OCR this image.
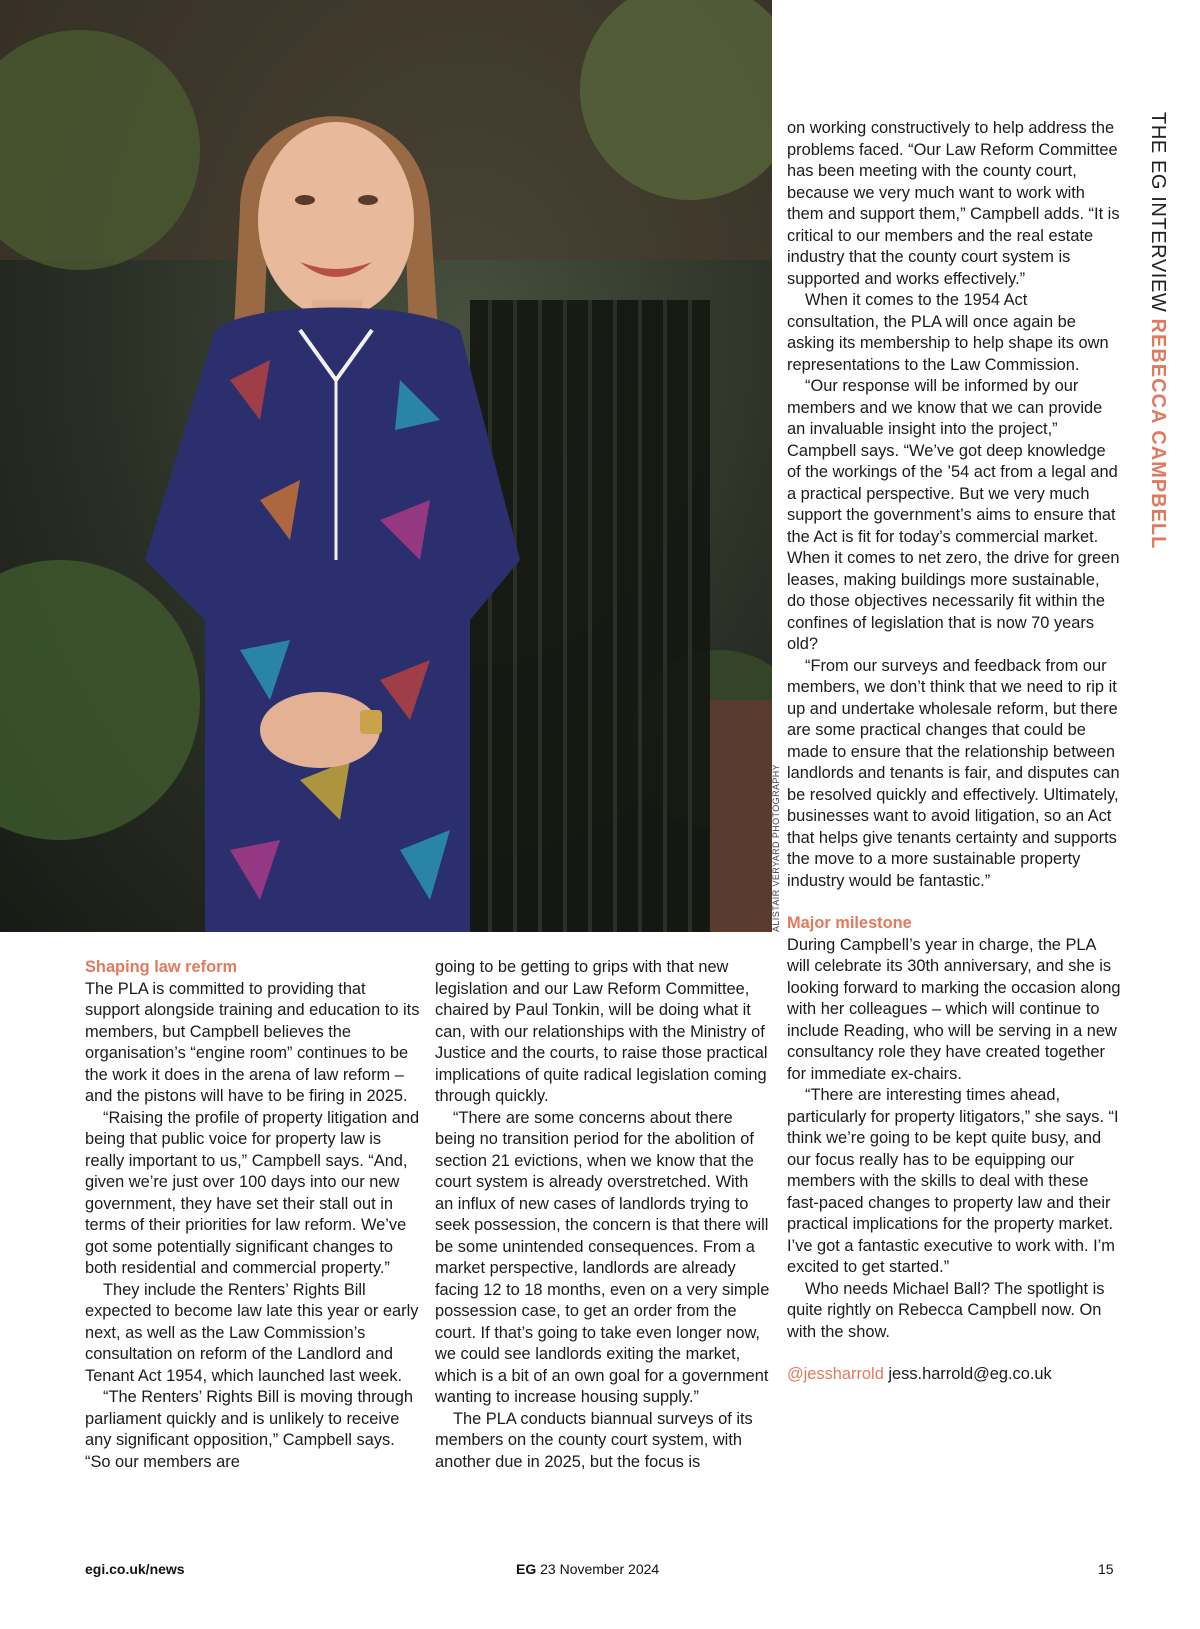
ALISTAIR VERYARD PHOTOGRAPHY
THE EG INTERVIEW REBECCA CAMPBELL
Shaping law reform

The PLA is committed to providing that support alongside training and education to its members, but Campbell believes the organisation’s “engine room” continues to be the work it does in the arena of law reform – and the pistons will have to be firing in 2025.

“Raising the profile of property litigation and being that public voice for property law is really important to us,” Campbell says. “And, given we’re just over 100 days into our new government, they have set their stall out in terms of their priorities for law reform. We’ve got some potentially significant changes to both residential and commercial property.”

They include the Renters’ Rights Bill expected to become law late this year or early next, as well as the Law Commission’s consultation on reform of the Landlord and Tenant Act 1954, which launched last week.

“The Renters’ Rights Bill is moving through parliament quickly and is unlikely to receive any significant opposition,” Campbell says. “So our members are

going to be getting to grips with that new legislation and our Law Reform Committee, chaired by Paul Tonkin, will be doing what it can, with our relationships with the Ministry of Justice and the courts, to raise those practical implications of quite radical legislation coming through quickly.

“There are some concerns about there being no transition period for the abolition of section 21 evictions, when we know that the court system is already overstretched. With an influx of new cases of landlords trying to seek possession, the concern is that there will be some unintended consequences. From a market perspective, landlords are already facing 12 to 18 months, even on a very simple possession case, to get an order from the court. If that’s going to take even longer now, we could see landlords exiting the market, which is a bit of an own goal for a government wanting to increase housing supply.”

The PLA conducts biannual surveys of its members on the county court system, with another due in 2025, but the focus is

on working constructively to help address the problems faced. “Our Law Reform Committee has been meeting with the county court, because we very much want to work with them and support them,” Campbell adds. “It is critical to our members and the real estate industry that the county court system is supported and works effectively.”

When it comes to the 1954 Act consultation, the PLA will once again be asking its membership to help shape its own representations to the Law Commission.

“Our response will be informed by our members and we know that we can provide an invaluable insight into the project,” Campbell says. “We’ve got deep knowledge of the workings of the ’54 act from a legal and a practical perspective. But we very much support the government’s aims to ensure that the Act is fit for today’s commercial market. When it comes to net zero, the drive for green leases, making buildings more sustainable, do those objectives necessarily fit within the confines of legislation that is now 70 years old?

“From our surveys and feedback from our members, we don’t think that we need to rip it up and undertake wholesale reform, but there are some practical changes that could be made to ensure that the relationship between landlords and tenants is fair, and disputes can be resolved quickly and effectively. Ultimately, businesses want to avoid litigation, so an Act that helps give tenants certainty and supports the move to a more sustainable property industry would be fantastic.”

Major milestone

During Campbell’s year in charge, the PLA will celebrate its 30th anniversary, and she is looking forward to marking the occasion along with her colleagues – which will continue to include Reading, who will be serving in a new consultancy role they have created together for immediate ex-chairs.

“There are interesting times ahead, particularly for property litigators,” she says. “I think we’re going to be kept quite busy, and our focus really has to be equipping our members with the skills to deal with these fast-paced changes to property law and their practical implications for the property market. I’ve got a fantastic executive to work with. I’m excited to get started.”

Who needs Michael Ball? The spotlight is quite rightly on Rebecca Campbell now. On with the show.

@jessharrold jess.harrold@eg.co.uk
egi.co.uk/news	EG 23 November 2024	15
